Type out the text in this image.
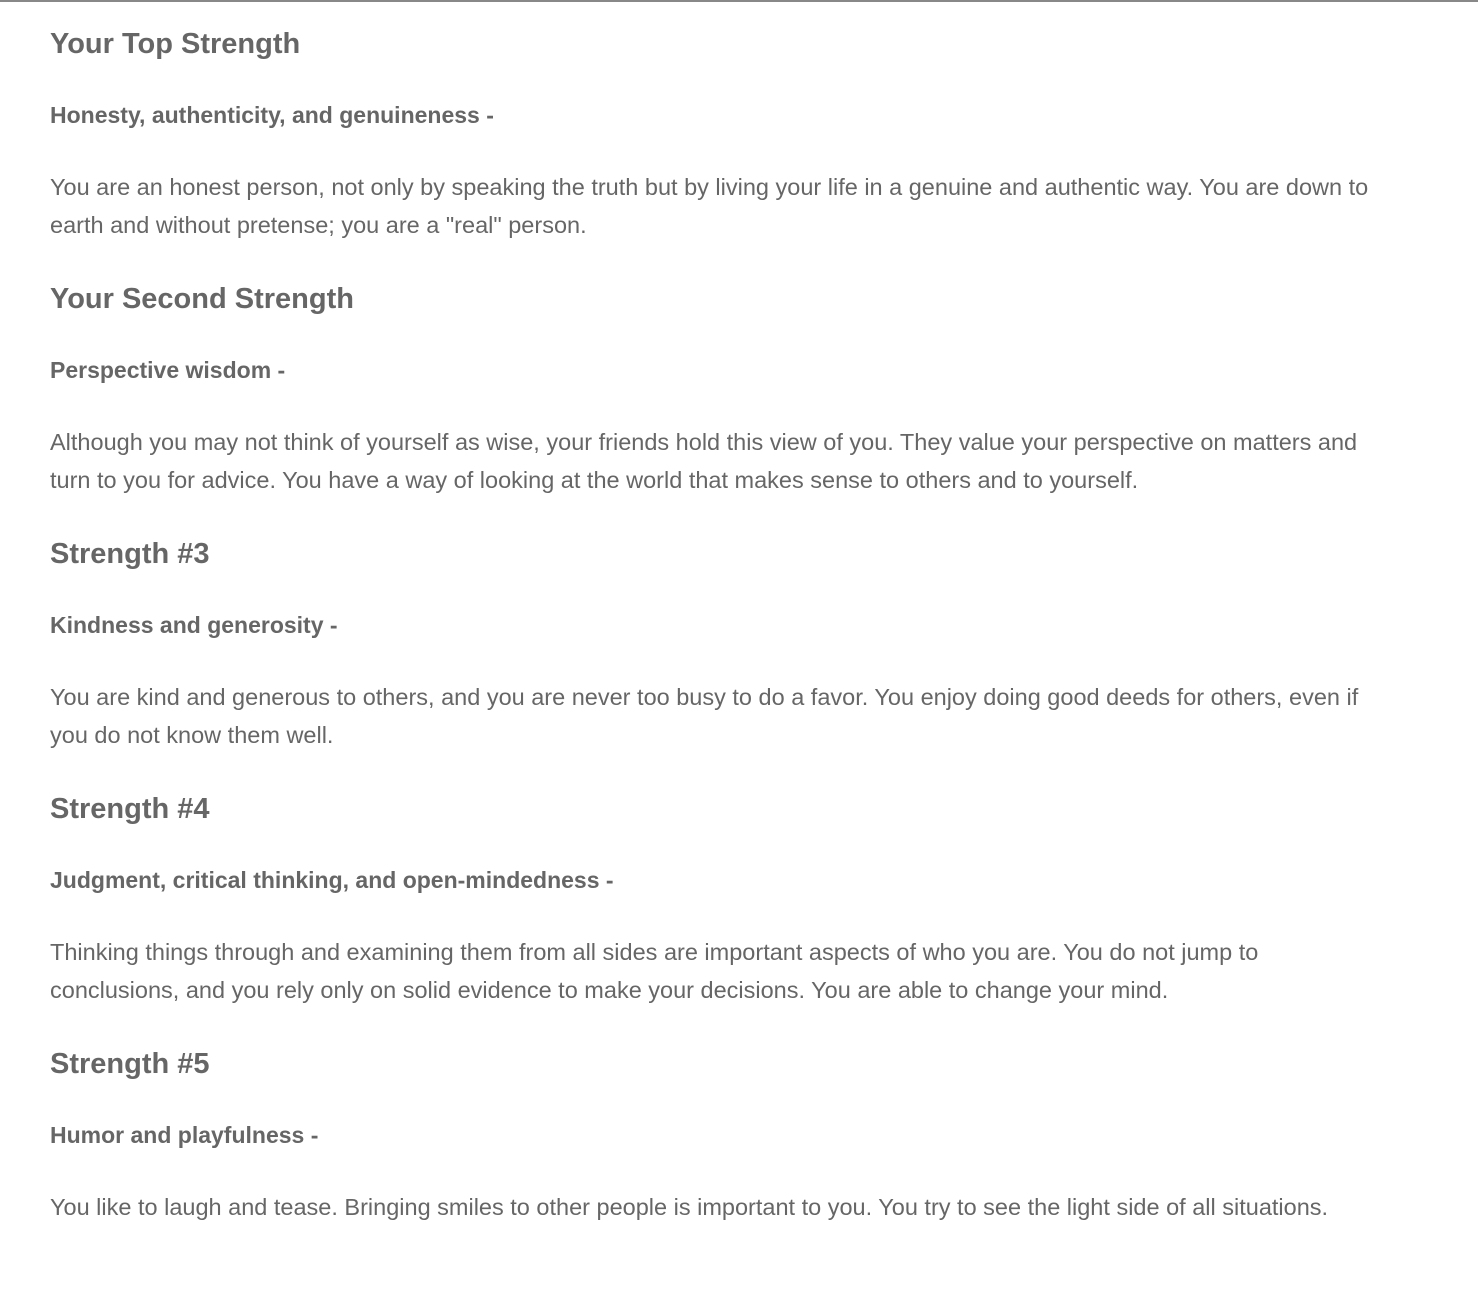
Your Top Strength
Honesty, authenticity, and genuineness -

You are an honest person, not only by speaking the truth but by living your life in a genuine and authentic way. You are down to earth and without pretense; you are a "real" person.

Your Second Strength
Perspective wisdom -

Although you may not think of yourself as wise, your friends hold this view of you. They value your perspective on matters and turn to you for advice. You have a way of looking at the world that makes sense to others and to yourself.

Strength #3
Kindness and generosity -

You are kind and generous to others, and you are never too busy to do a favor. You enjoy doing good deeds for others, even if you do not know them well.

Strength #4
Judgment, critical thinking, and open-mindedness -

Thinking things through and examining them from all sides are important aspects of who you are. You do not jump to conclusions, and you rely only on solid evidence to make your decisions. You are able to change your mind.

Strength #5
Humor and playfulness -

You like to laugh and tease. Bringing smiles to other people is important to you. You try to see the light side of all situations.
